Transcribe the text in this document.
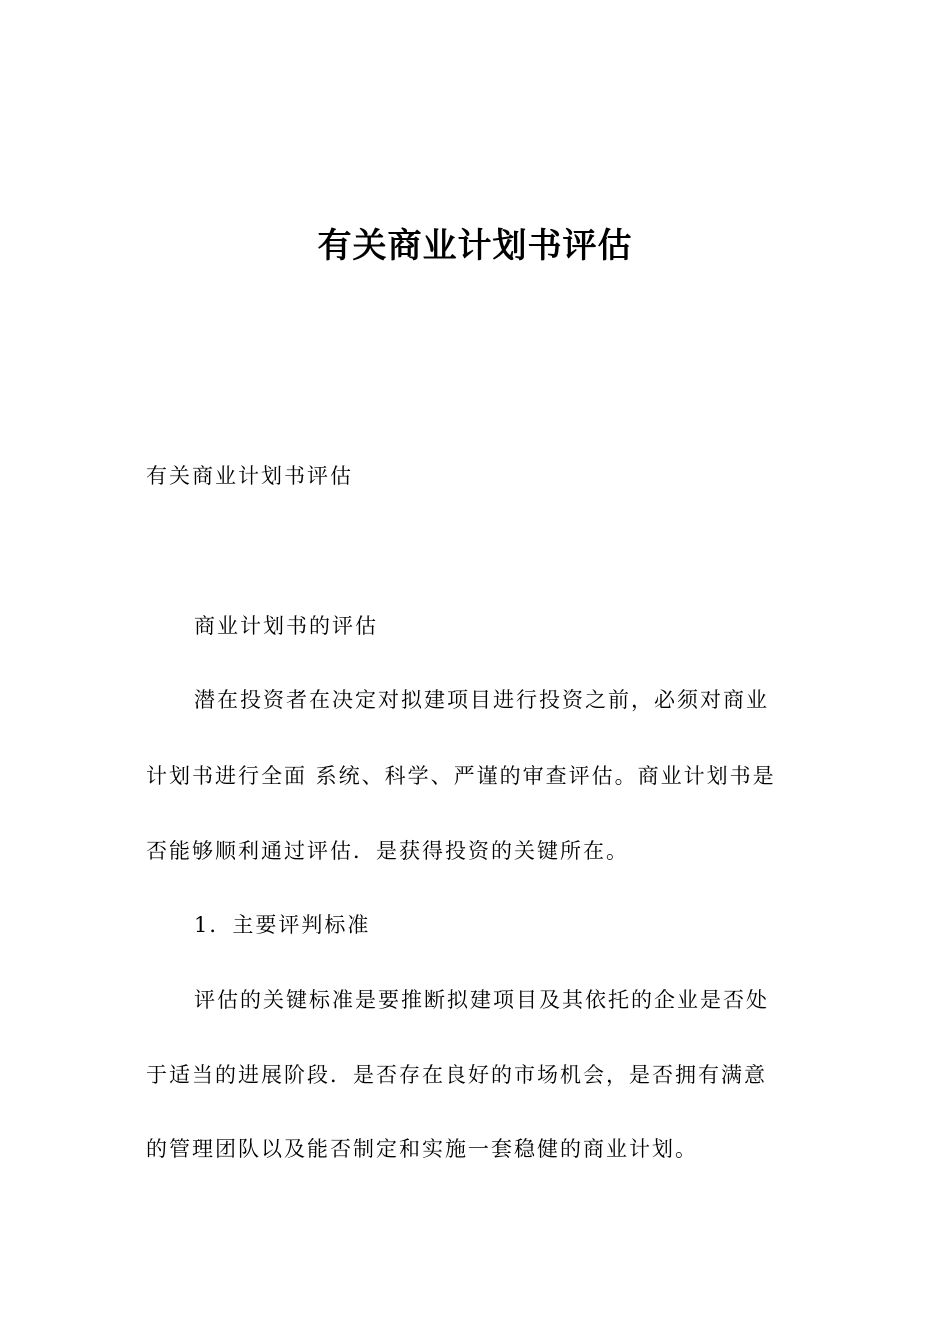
有关商业计划书评估
有关商业计划书评估
商业计划书的评估
潜在投资者在决定对拟建项目进行投资之前，必须对商业
计划书进行全面 系统、科学、严谨的审查评估。商业计划书是
否能够顺利通过评估．是获得投资的关键所在。
1．主要评判标准
评估的关键标准是要推断拟建项目及其依托的企业是否处
于适当的进展阶段．是否存在良好的市场机会，是否拥有满意
的管理团队以及能否制定和实施一套稳健的商业计划。
